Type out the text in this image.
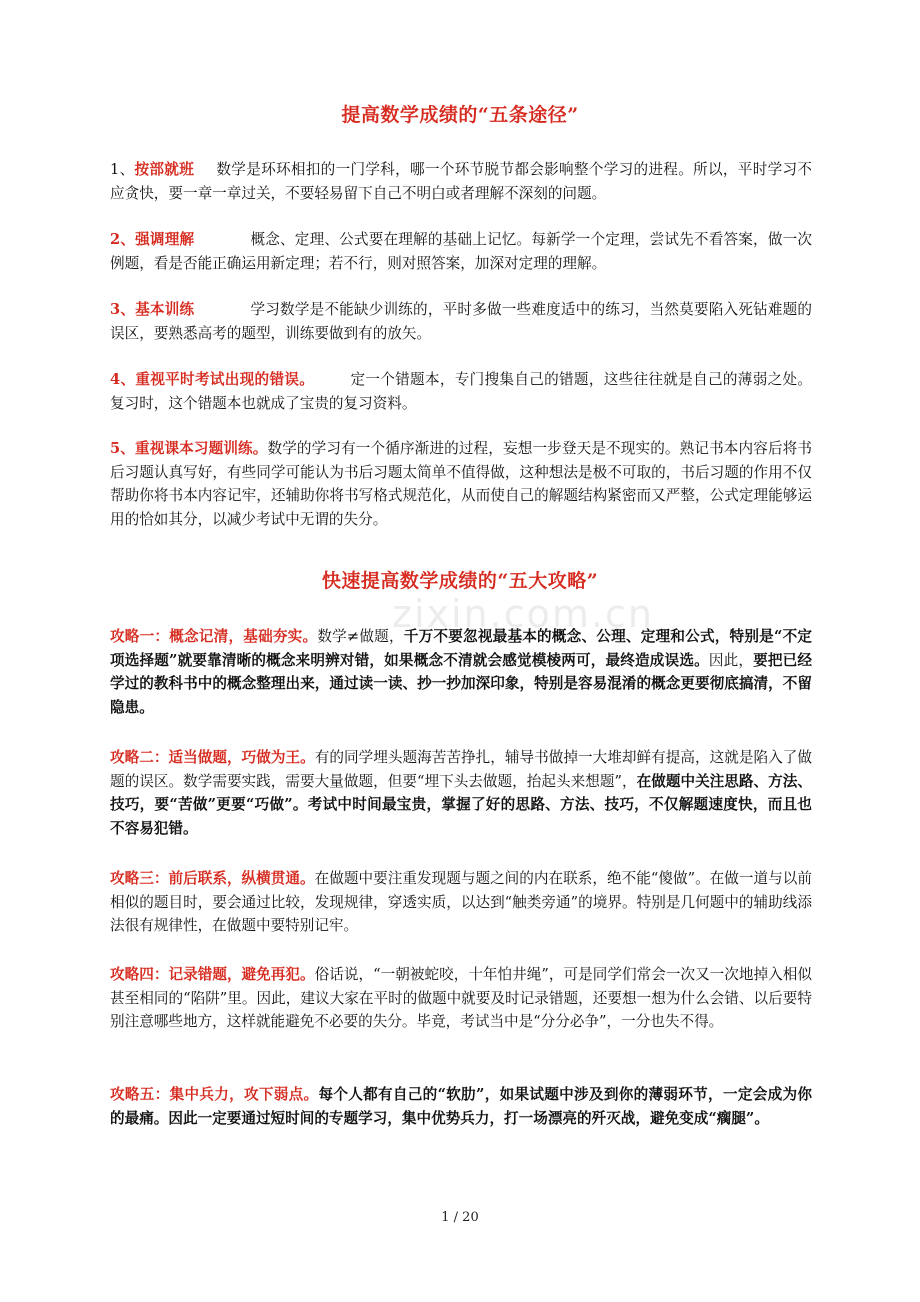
提高数学成绩的“五条途径”

1、按部就班 数学是环环相扣的一门学科，哪一个环节脱节都会影响整个学习的进程。所以，平时学习不应贪快，要一章一章过关，不要轻易留下自己不明白或者理解不深刻的问题。

2、强调理解	概念、定理、公式要在理解的基础上记忆。每新学一个定理，尝试先不看答案，做一次例题，看是否能正确运用新定理；若不行，则对照答案，加深对定理的理解。

3、基本训练	学习数学是不能缺少训练的，平时多做一些难度适中的练习，当然莫要陷入死钻难题的误区，要熟悉高考的题型，训练要做到有的放矢。

4、重视平时考试出现的错误。 定一个错题本，专门搜集自己的错题，这些往往就是自己的薄弱之处。复习时，这个错题本也就成了宝贵的复习资料。

5、重视课本习题训练。数学的学习有一个循序渐进的过程，妄想一步登天是不现实的。熟记书本内容后将书后习题认真写好，有些同学可能认为书后习题太简单不值得做，这种想法是极不可取的，书后习题的作用不仅帮助你将书本内容记牢，还辅助你将书写格式规范化，从而使自己的解题结构紧密而又严整，公式定理能够运用的恰如其分，以减少考试中无谓的失分。

zixin.com.cn
快速提高数学成绩的“五大攻略”

攻略一：概念记清，基础夯实。数学≠做题，千万不要忽视最基本的概念、公理、定理和公式，特别是“不定项选择题”就要靠清晰的概念来明辨对错，如果概念不清就会感觉模棱两可，最终造成误选。因此，要把已经学过的教科书中的概念整理出来，通过读一读、抄一抄加深印象，特别是容易混淆的概念更要彻底搞清，不留隐患。

攻略二：适当做题，巧做为王。有的同学埋头题海苦苦挣扎，辅导书做掉一大堆却鲜有提高，这就是陷入了做题的误区。数学需要实践，需要大量做题，但要“埋下头去做题，抬起头来想题”，在做题中关注思路、方法、技巧，要“苦做”更要“巧做”。考试中时间最宝贵，掌握了好的思路、方法、技巧，不仅解题速度快，而且也不容易犯错。

攻略三：前后联系，纵横贯通。在做题中要注重发现题与题之间的内在联系，绝不能“傻做”。在做一道与以前相似的题目时，要会通过比较，发现规律，穿透实质，以达到“触类旁通”的境界。特别是几何题中的辅助线添法很有规律性，在做题中要特别记牢。

攻略四：记录错题，避免再犯。俗话说，“一朝被蛇咬，十年怕井绳”，可是同学们常会一次又一次地掉入相似甚至相同的“陷阱”里。因此，建议大家在平时的做题中就要及时记录错题，还要想一想为什么会错、以后要特别注意哪些地方，这样就能避免不必要的失分。毕竟，考试当中是“分分必争”，一分也失不得。

攻略五：集中兵力，攻下弱点。每个人都有自己的“软肋”，如果试题中涉及到你的薄弱环节，一定会成为你的最痛。因此一定要通过短时间的专题学习，集中优势兵力，打一场漂亮的歼灭战，避免变成“瘸腿”。

1 / 20
